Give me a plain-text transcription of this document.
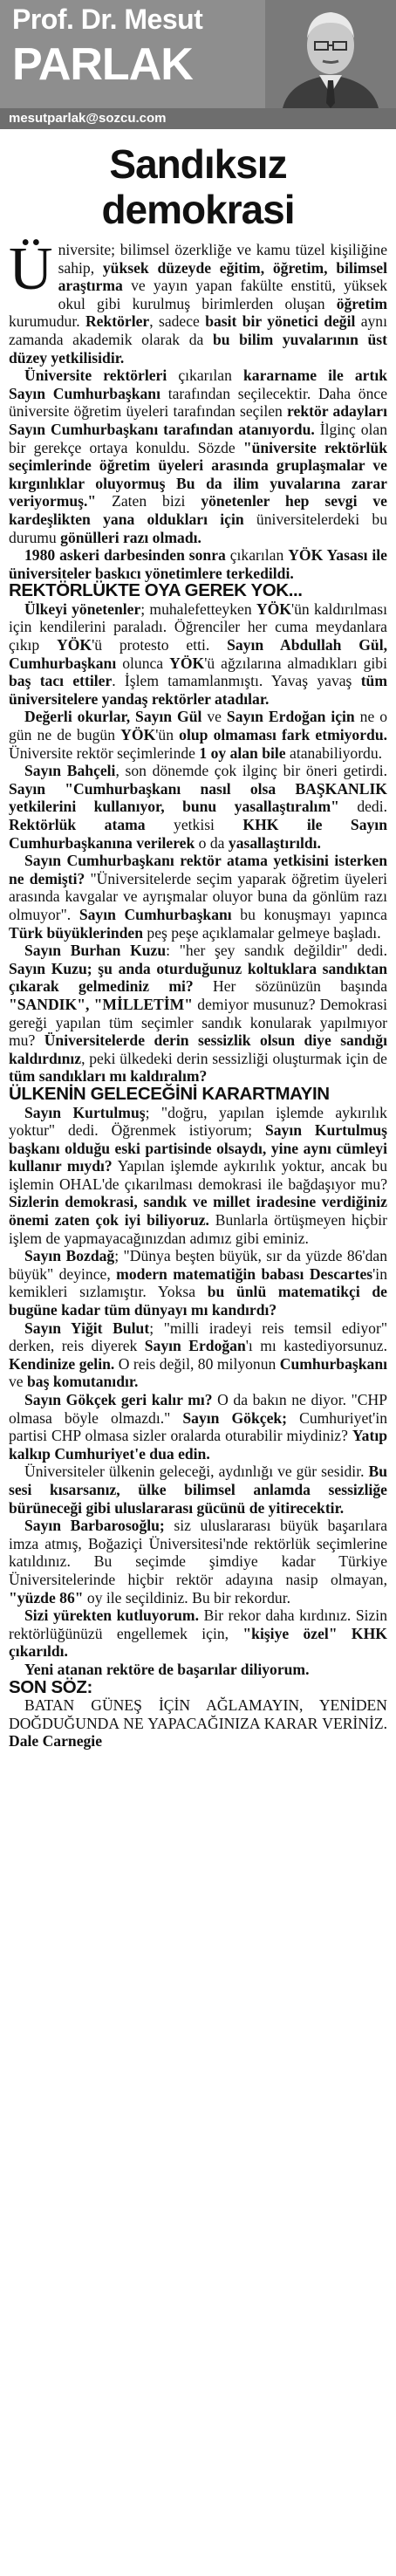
Prof. Dr. Mesut
PARLAK
mesutparlak@sozcu.com
Sandıksız
demokrasi

Üniversite; bilimsel özerkliğe ve kamu tüzel kişiliğine sahip, yüksek düzeyde eğitim, öğretim, bilimsel araştırma ve yayın yapan fakülte enstitü, yüksek okul gibi kurulmuş birimlerden oluşan öğretim kurumudur. Rektörler, sadece basit bir yönetici değil aynı zamanda akademik olarak da bu bilim yuvalarının üst düzey yetkilisidir.

Üniversite rektörleri çıkarılan kararname ile artık Sayın Cumhurbaşkanı tarafından seçilecektir. Daha önce üniversite öğretim üyeleri tarafından seçilen rektör adayları Sayın Cumhurbaşkanı tarafından atanıyordu. İlginç olan bir gerekçe ortaya konuldu. Sözde "üniversite rektörlük seçimlerinde öğretim üyeleri arasında gruplaşmalar ve kırgınlıklar oluyormuş Bu da ilim yuvalarına zarar veriyormuş." Zaten bizi yönetenler hep sevgi ve kardeşlikten yana oldukları için üniversitelerdeki bu durumu gönülleri razı olmadı.

1980 askeri darbesinden sonra çıkarılan YÖK Yasası ile üniversiteler baskıcı yönetimlere terkedildi.

REKTÖRLÜKTE OYA GEREK YOK...

Ülkeyi yönetenler; muhalefetteyken YÖK'ün kaldırılması için kendilerini paraladı. Öğrenciler her cuma meydanlara çıkıp YÖK'ü protesto etti. Sayın Abdullah Gül, Cumhurbaşkanı olunca YÖK'ü ağzılarına almadıkları gibi baş tacı ettiler. İşlem tamamlanmıştı. Yavaş yavaş tüm üniversitelere yandaş rektörler atadılar.

Değerli okurlar, Sayın Gül ve Sayın Erdoğan için ne o gün ne de bugün YÖK'ün olup olmaması fark etmiyordu. Üniversite rektör seçimlerinde 1 oy alan bile atanabiliyordu.

Sayın Bahçeli, son dönemde çok ilginç bir öneri getirdi. Sayın "Cumhurbaşkanı nasıl olsa BAŞKANLIK yetkilerini kullanıyor, bunu yasallaştıralım" dedi. Rektörlük atama yetkisi KHK ile Sayın Cumhurbaşkanına verilerek o da yasallaştırıldı.

Sayın Cumhurbaşkanı rektör atama yetkisini isterken ne demişti? "Üniversitelerde seçim yaparak öğretim üyeleri arasında kavgalar ve ayrışmalar oluyor buna da gönlüm razı olmuyor". Sayın Cumhurbaşkanı bu konuşmayı yapınca Türk büyüklerinden peş peşe açıklamalar gelmeye başladı.

Sayın Burhan Kuzu: "her şey sandık değildir" dedi. Sayın Kuzu; şu anda oturduğunuz koltuklara sandıktan çıkarak gelmediniz mi? Her sözünüzün başında "SANDIK", "MİLLETİM" demiyor musunuz? Demokrasi gereği yapılan tüm seçimler sandık konularak yapılmıyor mu? Üniversitelerde derin sessizlik olsun diye sandığı kaldırdınız, peki ülkedeki derin sessizliği oluşturmak için de tüm sandıkları mı kaldıralım?

ÜLKENİN GELECEĞİNİ KARARTMAYIN

Sayın Kurtulmuş; "doğru, yapılan işlemde aykırılık yoktur" dedi. Öğrenmek istiyorum; Sayın Kurtulmuş başkanı olduğu eski partisinde olsaydı, yine aynı cümleyi kullanır mıydı? Yapılan işlemde aykırılık yoktur, ancak bu işlemin OHAL'de çıkarılması demokrasi ile bağdaşıyor mu? Sizlerin demokrasi, sandık ve millet iradesine verdiğiniz önemi zaten çok iyi biliyoruz. Bunlarla örtüşmeyen hiçbir işlem de yapmayacağınızdan adımız gibi eminiz.

Sayın Bozdağ; "Dünya beşten büyük, sır da yüzde 86'dan büyük" deyince, modern matematiğin babası Descartes'in kemikleri sızlamıştır. Yoksa bu ünlü matematikçi de bugüne kadar tüm dünyayı mı kandırdı?

Sayın Yiğit Bulut; "milli iradeyi reis temsil ediyor" derken, reis diyerek Sayın Erdoğan'ı mı kastediyorsunuz. Kendinize gelin. O reis değil, 80 milyonun Cumhurbaşkanı ve baş komutanıdır.

Sayın Gökçek geri kalır mı? O da bakın ne diyor. "CHP olmasa böyle olmazdı." Sayın Gökçek; Cumhuriyet'in partisi CHP olmasa sizler oralarda oturabilir miydiniz? Yatıp kalkıp Cumhuriyet'e dua edin.

Üniversiteler ülkenin geleceği, aydınlığı ve gür sesidir. Bu sesi kısarsanız, ülke bilimsel anlamda sessizliğe bürüneceği gibi uluslararası gücünü de yitirecektir.

Sayın Barbarosoğlu; siz uluslararası büyük başarılara imza atmış, Boğaziçi Üniversitesi'nde rektörlük seçimlerine katıldınız. Bu seçimde şimdiye kadar Türkiye Üniversitelerinde hiçbir rektör adayına nasip olmayan, "yüzde 86" oy ile seçildiniz. Bu bir rekordur.

Sizi yürekten kutluyorum. Bir rekor daha kırdınız. Sizin rektörlüğünüzü engellemek için, "kişiye özel" KHK çıkarıldı.

Yeni atanan rektöre de başarılar diliyorum.

SON SÖZ:

BATAN GÜNEŞ İÇİN AĞLAMAYIN, YENİDEN DOĞDUĞUNDA NE YAPACAĞINIZA KARAR VERİNİZ. Dale Carnegie
